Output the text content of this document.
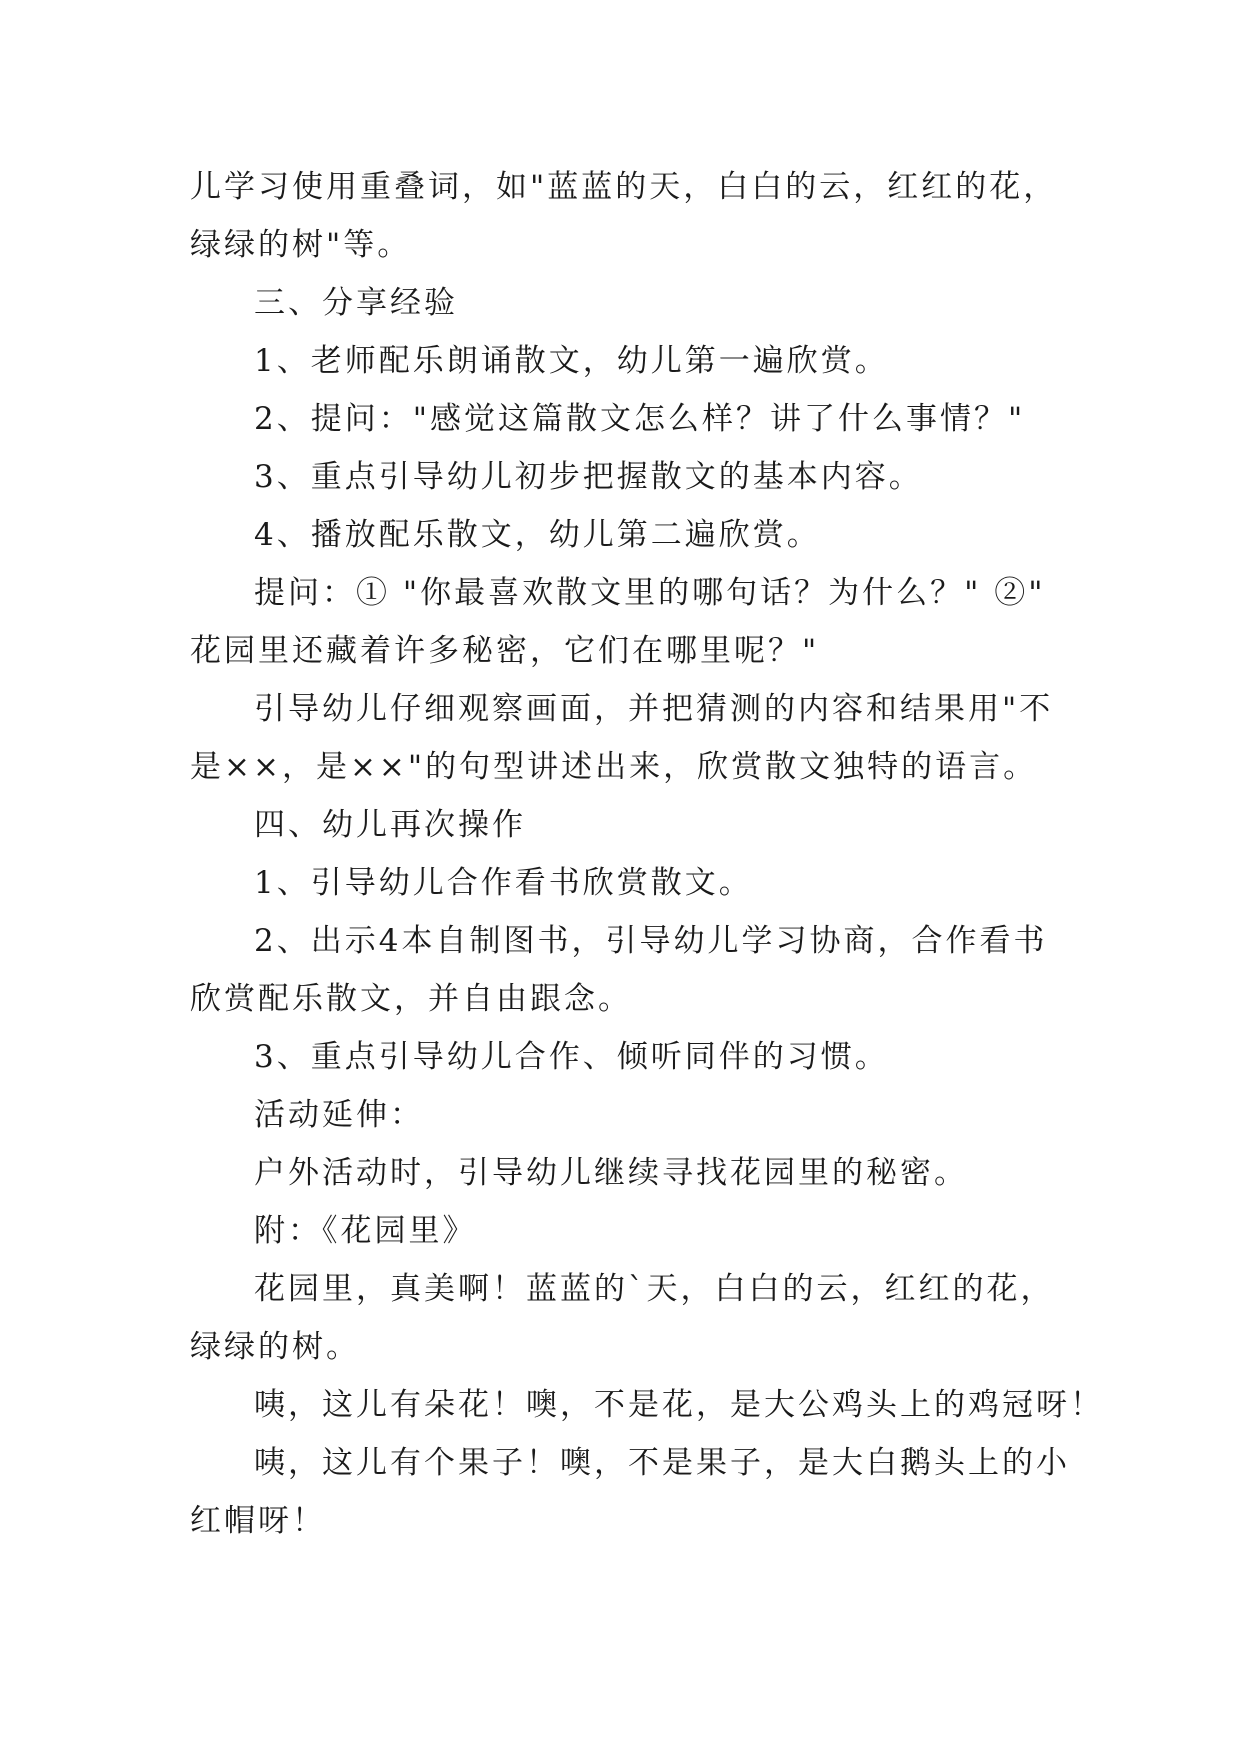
儿学习使用重叠词，如"蓝蓝的天，白白的云，红红的花，
绿绿的树"等。
三、分享经验
1、老师配乐朗诵散文，幼儿第一遍欣赏。
2、提问："感觉这篇散文怎么样？讲了什么事情？"
3、重点引导幼儿初步把握散文的基本内容。
4、播放配乐散文，幼儿第二遍欣赏。
提问：① "你最喜欢散文里的哪句话？为什么？" ②"
花园里还藏着许多秘密，它们在哪里呢？"
引导幼儿仔细观察画面，并把猜测的内容和结果用"不
是××，是××"的句型讲述出来，欣赏散文独特的语言。
四、幼儿再次操作
1、引导幼儿合作看书欣赏散文。
2、出示4本自制图书，引导幼儿学习协商，合作看书
欣赏配乐散文，并自由跟念。
3、重点引导幼儿合作、倾听同伴的习惯。
活动延伸：
户外活动时，引导幼儿继续寻找花园里的秘密。
附：《花园里》
花园里，真美啊！蓝蓝的`天，白白的云，红红的花，
绿绿的树。
咦，这儿有朵花！噢，不是花，是大公鸡头上的鸡冠呀！
咦，这儿有个果子！噢，不是果子，是大白鹅头上的小
红帽呀！
